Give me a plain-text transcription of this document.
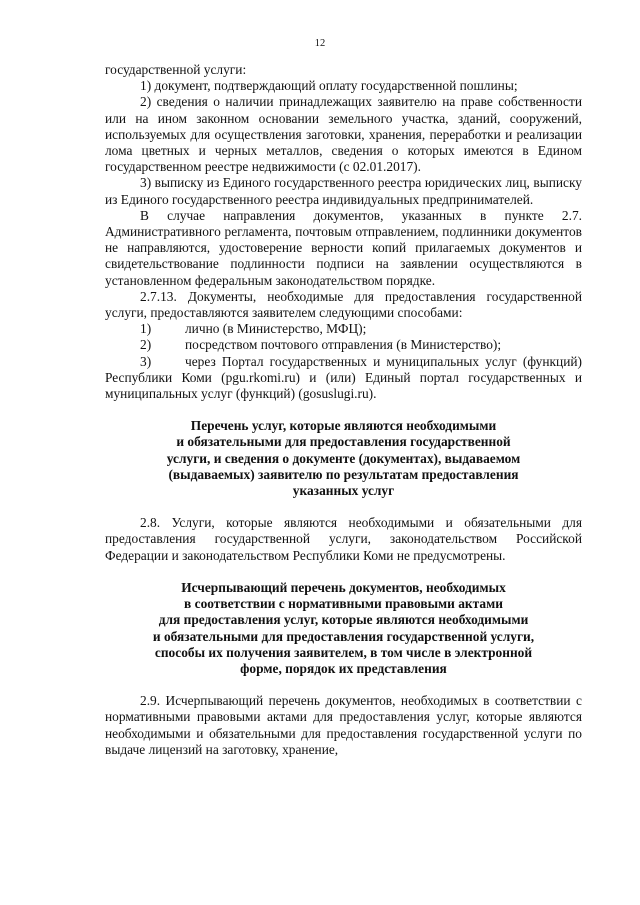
12

государственной услуги:

1) документ, подтверждающий оплату государственной пошлины;

2) сведения о наличии принадлежащих заявителю на праве собственности или на ином законном основании земельного участка, зданий, сооружений, используемых для осуществления заготовки, хранения, переработки и реализации лома цветных и черных металлов, сведения о которых имеются в Едином государственном реестре недвижимости (с 02.01.2017).

3) выписку из Единого государственного реестра юридических лиц, выписку из Единого государственного реестра индивидуальных предпринимателей.

В случае направления документов, указанных в пункте 2.7. Административного регламента, почтовым отправлением, подлинники документов не направляются, удостоверение верности копий прилагаемых документов и свидетельствование подлинности подписи на заявлении осуществляются в установленном федеральным законодательством порядке.

2.7.13. Документы, необходимые для предоставления государственной услуги, предоставляются заявителем следующими способами:

1)	лично (в Министерство, МФЦ);

2)	посредством почтового отправления (в Министерство);

3)	через Портал государственных и муниципальных услуг (функций) Республики Коми (pgu.rkomi.ru) и (или) Единый портал государственных и муниципальных услуг (функций) (gosuslugi.ru).

Перечень услуг, которые являются необходимыми
и обязательными для предоставления государственной
услуги, и сведения о документе (документах), выдаваемом
(выдаваемых) заявителю по результатам предоставления
указанных услуг

2.8. Услуги, которые являются необходимыми и обязательными для предоставления государственной услуги, законодательством Российской Федерации и законодательством Республики Коми не предусмотрены.

Исчерпывающий перечень документов, необходимых
в соответствии с нормативными правовыми актами
для предоставления услуг, которые являются необходимыми
и обязательными для предоставления государственной услуги,
способы их получения заявителем, в том числе в электронной
форме, порядок их представления

2.9. Исчерпывающий перечень документов, необходимых в соответствии с нормативными правовыми актами для предоставления услуг, которые являются необходимыми и обязательными для предоставления государственной услуги по выдаче лицензий на заготовку, хранение,
